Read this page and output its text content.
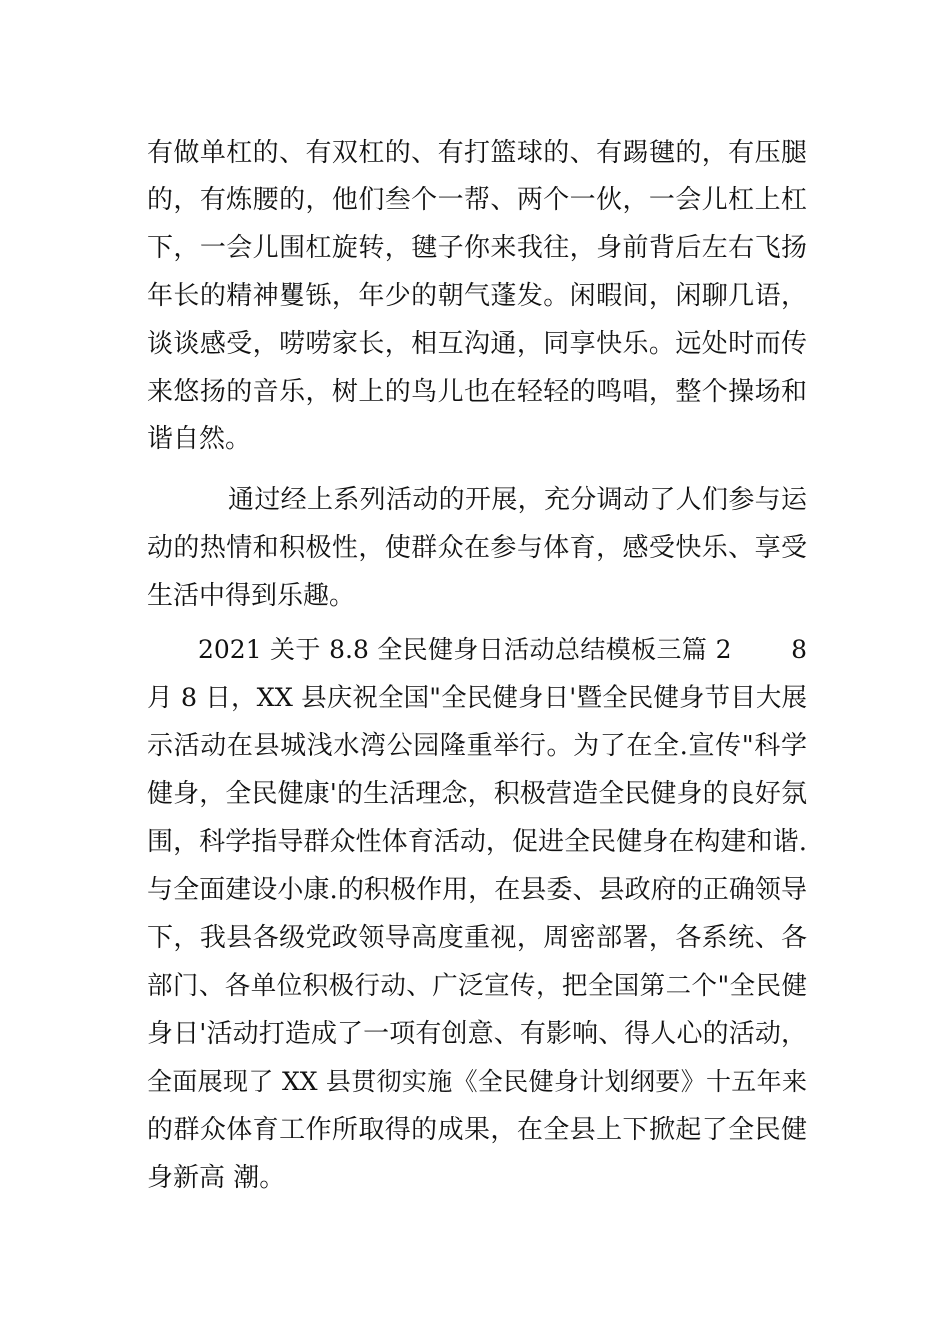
有做单杠的、有双杠的、有打篮球的、有踢毽的，有压腿
的，有炼腰的，他们叁个一帮、两个一伙，一会儿杠上杠
下，一会儿围杠旋转，毽子你来我往，身前背后左右飞扬
年长的精神矍铄，年少的朝气蓬发。闲暇间，闲聊几语，
谈谈感受，唠唠家长，相互沟通，同享快乐。远处时而传
来悠扬的音乐，树上的鸟儿也在轻轻的鸣唱，整个操场和
谐自然。
通过经上系列活动的开展，充分调动了人们参与运
动的热情和积极性，使群众在参与体育，感受快乐、享受
生活中得到乐趣。
2021 关于 8.8 全民健身日活动总结模板三篇 2　　 8
月 8 日，XX 县庆祝全国"全民健身日'暨全民健身节目大展
示活动在县城浅水湾公园隆重举行。为了在全.宣传"科学
健身，全民健康'的生活理念，积极营造全民健身的良好氛
围，科学指导群众性体育活动，促进全民健身在构建和谐.
与全面建设小康.的积极作用，在县委、县政府的正确领导
下，我县各级党政领导高度重视，周密部署，各系统、各
部门、各单位积极行动、广泛宣传，把全国第二个"全民健
身日'活动打造成了一项有创意、有影响、得人心的活动，
全面展现了 XX 县贯彻实施《全民健身计划纲要》十五年来
的群众体育工作所取得的成果，在全县上下掀起了全民健
身新高 潮。
